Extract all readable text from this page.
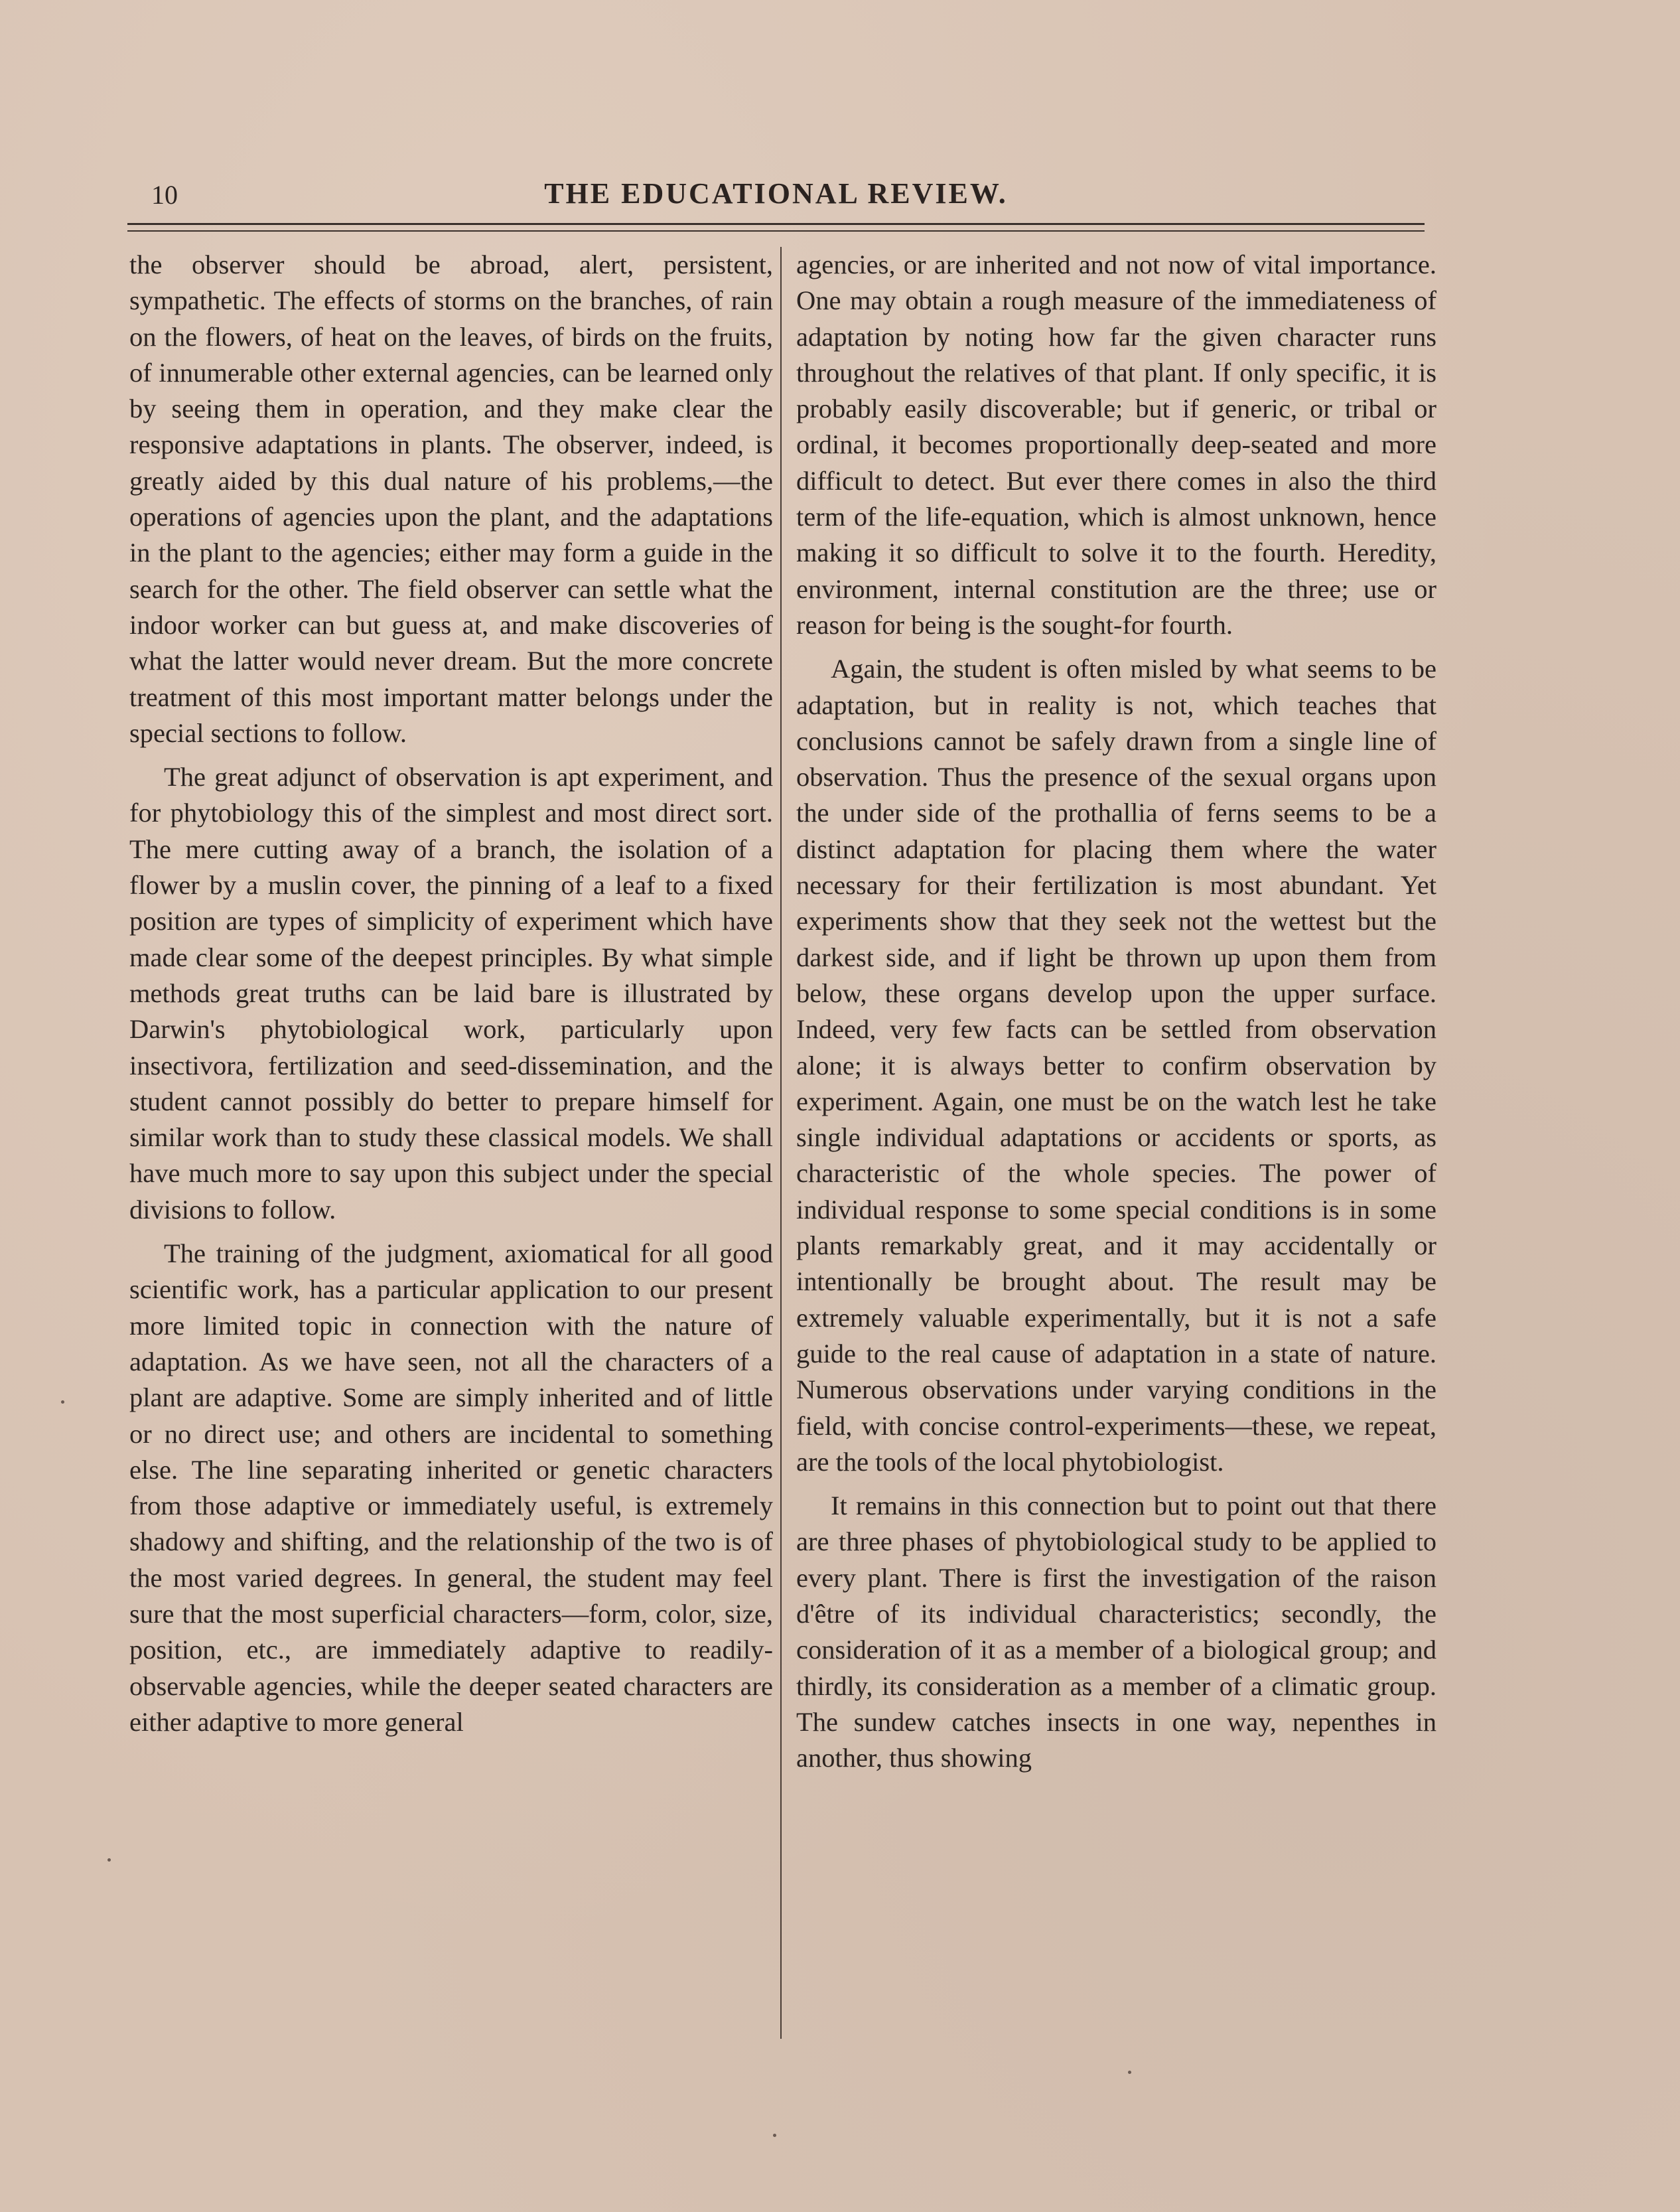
10	THE EDUCATIONAL REVIEW.

the observer should be abroad, alert, persistent, sympathetic. The effects of storms on the branches, of rain on the flowers, of heat on the leaves, of birds on the fruits, of innumerable other external agencies, can be learned only by seeing them in operation, and they make clear the responsive adaptations in plants. The observer, indeed, is greatly aided by this dual nature of his problems,—the operations of agencies upon the plant, and the adaptations in the plant to the agencies; either may form a guide in the search for the other. The field observer can settle what the indoor worker can but guess at, and make discoveries of what the latter would never dream. But the more concrete treatment of this most important matter belongs under the special sections to follow.

The great adjunct of observation is apt experiment, and for phytobiology this of the simplest and most direct sort. The mere cutting away of a branch, the isolation of a flower by a muslin cover, the pinning of a leaf to a fixed position are types of simplicity of experiment which have made clear some of the deepest principles. By what simple methods great truths can be laid bare is illustrated by Darwin's phytobiological work, particularly upon insectivora, fertilization and seed-dissemination, and the student cannot possibly do better to prepare himself for similar work than to study these classical models. We shall have much more to say upon this subject under the special divisions to follow.

The training of the judgment, axiomatical for all good scientific work, has a particular application to our present more limited topic in connection with the nature of adaptation. As we have seen, not all the characters of a plant are adaptive. Some are simply inherited and of little or no direct use; and others are incidental to something else. The line separating inherited or genetic characters from those adaptive or immediately useful, is extremely shadowy and shifting, and the relationship of the two is of the most varied degrees. In general, the student may feel sure that the most superficial characters—form, color, size, position, etc., are immediately adaptive to readily-observable agencies, while the deeper seated characters are either adaptive to more general

agencies, or are inherited and not now of vital importance. One may obtain a rough measure of the immediateness of adaptation by noting how far the given character runs throughout the relatives of that plant. If only specific, it is probably easily discoverable; but if generic, or tribal or ordinal, it becomes proportionally deep-seated and more difficult to detect. But ever there comes in also the third term of the life-equation, which is almost unknown, hence making it so difficult to solve it to the fourth. Heredity, environment, internal constitution are the three; use or reason for being is the sought-for fourth.

Again, the student is often misled by what seems to be adaptation, but in reality is not, which teaches that conclusions cannot be safely drawn from a single line of observation. Thus the presence of the sexual organs upon the under side of the prothallia of ferns seems to be a distinct adaptation for placing them where the water necessary for their fertilization is most abundant. Yet experiments show that they seek not the wettest but the darkest side, and if light be thrown up upon them from below, these organs develop upon the upper surface. Indeed, very few facts can be settled from observation alone; it is always better to confirm observation by experiment. Again, one must be on the watch lest he take single individual adaptations or accidents or sports, as characteristic of the whole species. The power of individual response to some special conditions is in some plants remarkably great, and it may accidentally or intentionally be brought about. The result may be extremely valuable experimentally, but it is not a safe guide to the real cause of adaptation in a state of nature. Numerous observations under varying conditions in the field, with concise control-experiments—these, we repeat, are the tools of the local phytobiologist.

It remains in this connection but to point out that there are three phases of phytobiological study to be applied to every plant. There is first the investigation of the raison d'être of its individual characteristics; secondly, the consideration of it as a member of a biological group; and thirdly, its consideration as a member of a climatic group. The sundew catches insects in one way, nepenthes in another, thus showing
